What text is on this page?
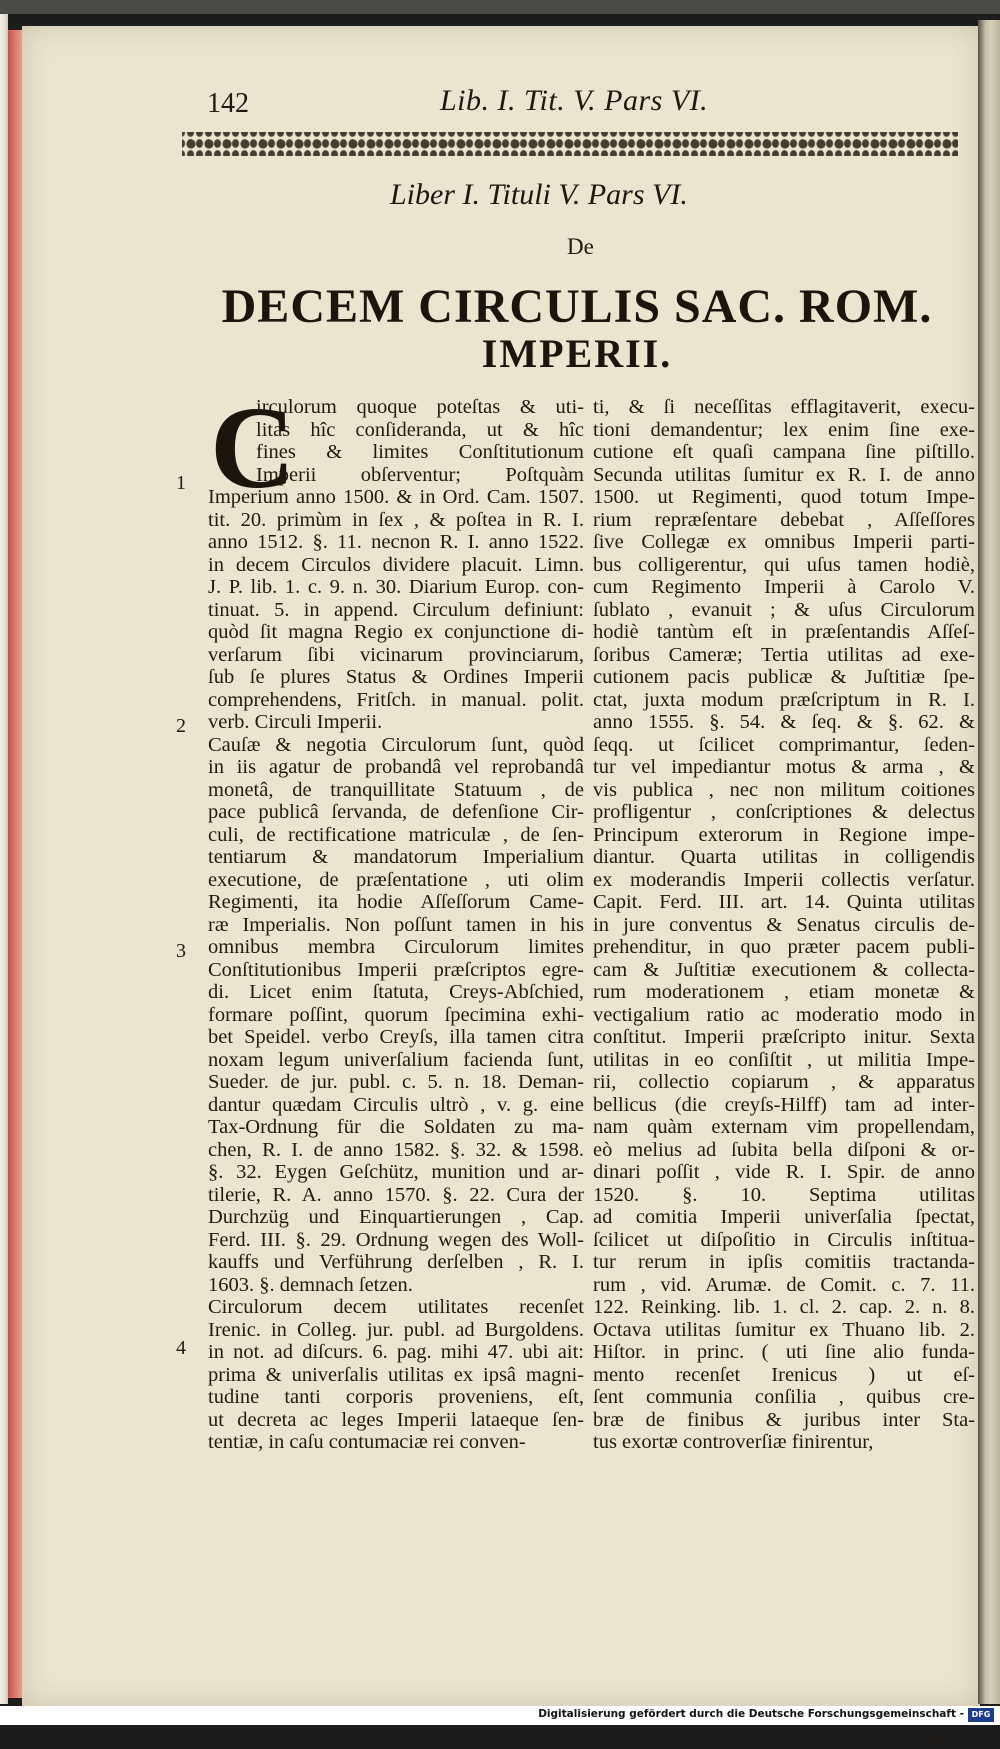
142	Lib. I. Tit. V. Pars VI.
Liber I. Tituli V. Pars VI.
De
DECEM CIRCULIS SAC. ROM.
IMPERII.
C
irculorum quoque poteſtas & uti-
litas hîc conſideranda, ut & hîc
fines & limites Conſtitutionum
Imperii obſerventur; Poſtquàm
Imperium anno 1500. & in Ord. Cam. 1507.
tit. 20. primùm in ſex , & poſtea in R. I.
anno 1512. §. 11. necnon R. I. anno 1522.
in decem Circulos dividere placuit. Limn.
J. P. lib. 1. c. 9. n. 30. Diarium Europ. con-
tinuat. 5. in append. Circulum definiunt:
quòd ſit magna Regio ex conjunctione di-
verſarum ſibi vicinarum provinciarum,
ſub ſe plures Status & Ordines Imperii
comprehendens, Fritſch. in manual. polit.
verb. Circuli Imperii.
Cauſæ & negotia Circulorum ſunt, quòd
in iis agatur de probandâ vel reprobandâ
monetâ, de tranquillitate Statuum , de
pace publicâ ſervanda, de defenſione Cir-
culi, de rectificatione matriculæ , de ſen-
tentiarum & mandatorum Imperialium
executione, de præſentatione , uti olim
Regimenti, ita hodie Aſſeſſorum Came-
ræ Imperialis. Non poſſunt tamen in his
omnibus membra Circulorum limites
Conſtitutionibus Imperii præſcriptos egre-
di. Licet enim ſtatuta, Creys-Abſchied,
formare poſſint, quorum ſpecimina exhi-
bet Speidel. verbo Creyſs, illa tamen citra
noxam legum univerſalium facienda ſunt,
Sueder. de jur. publ. c. 5. n. 18. Deman-
dantur quædam Circulis ultrò , v. g. eine
Tax-Ordnung für die Soldaten zu ma-
chen, R. I. de anno 1582. §. 32. & 1598.
§. 32. Eygen Geſchütz, munition und ar-
tilerie, R. A. anno 1570. §. 22. Cura der
Durchzüg und Einquartierungen , Cap.
Ferd. III. §. 29. Ordnung wegen des Woll-
kauffs und Verführung derſelben , R. I.
1603. §. demnach ſetzen.
Circulorum decem utilitates recenſet
Irenic. in Colleg. jur. publ. ad Burgoldens.
in not. ad diſcurs. 6. pag. mihi 47. ubi ait:
prima & univerſalis utilitas ex ipsâ magni-
tudine tanti corporis proveniens, eſt,
ut decreta ac leges Imperii lataeque ſen-
tentiæ, in caſu contumaciæ rei conven-
ti, & ſi neceſſitas efflagitaverit, execu-
tioni demandentur; lex enim ſine exe-
cutione eſt quaſi campana ſine piſtillo.
Secunda utilitas ſumitur ex R. I. de anno
1500. ut Regimenti, quod totum Impe-
rium repræſentare debebat , Aſſeſſores
ſive Collegæ ex omnibus Imperii parti-
bus colligerentur, qui uſus tamen hodiè,
cum Regimento Imperii à Carolo V.
ſublato , evanuit ; & uſus Circulorum
hodiè tantùm eſt in præſentandis Aſſeſ-
ſoribus Cameræ; Tertia utilitas ad exe-
cutionem pacis publicæ & Juſtitiæ ſpe-
ctat, juxta modum præſcriptum in R. I.
anno 1555. §. 54. & ſeq. & §. 62. &
ſeqq. ut ſcilicet comprimantur, ſeden-
tur vel impediantur motus & arma , &
vis publica , nec non militum coitiones
profligentur , conſcriptiones & delectus
Principum exterorum in Regione impe-
diantur. Quarta utilitas in colligendis
ex moderandis Imperii collectis verſatur.
Capit. Ferd. III. art. 14. Quinta utilitas
in jure conventus & Senatus circulis de-
prehenditur, in quo præter pacem publi-
cam & Juſtitiæ executionem & collecta-
rum moderationem , etiam monetæ &
vectigalium ratio ac moderatio modo in
conſtitut. Imperii præſcripto initur. Sexta
utilitas in eo conſiſtit , ut militia Impe-
rii, collectio copiarum , & apparatus
bellicus (die creyſs-Hilff) tam ad inter-
nam quàm externam vim propellendam,
eò melius ad ſubita bella diſponi & or-
dinari poſſit , vide R. I. Spir. de anno
1520. §. 10. Septima utilitas
ad comitia Imperii univerſalia ſpectat,
ſcilicet ut diſpoſitio in Circulis inſtitua-
tur rerum in ipſis comitiis tractanda-
rum , vid. Arumæ. de Comit. c. 7. 11.
122. Reinking. lib. 1. cl. 2. cap. 2. n. 8.
Octava utilitas ſumitur ex Thuano lib. 2.
Hiſtor. in princ. ( uti ſine alio funda-
mento recenſet Irenicus ) ut eſ-
ſent communia conſilia , quibus cre-
bræ de finibus & juribus inter Sta-
tus exortæ controverſiæ finirentur,
1
2
3
4
Ger-
Digitalisierung gefördert durch die Deutsche Forschungsgemeinschaft - DFG
